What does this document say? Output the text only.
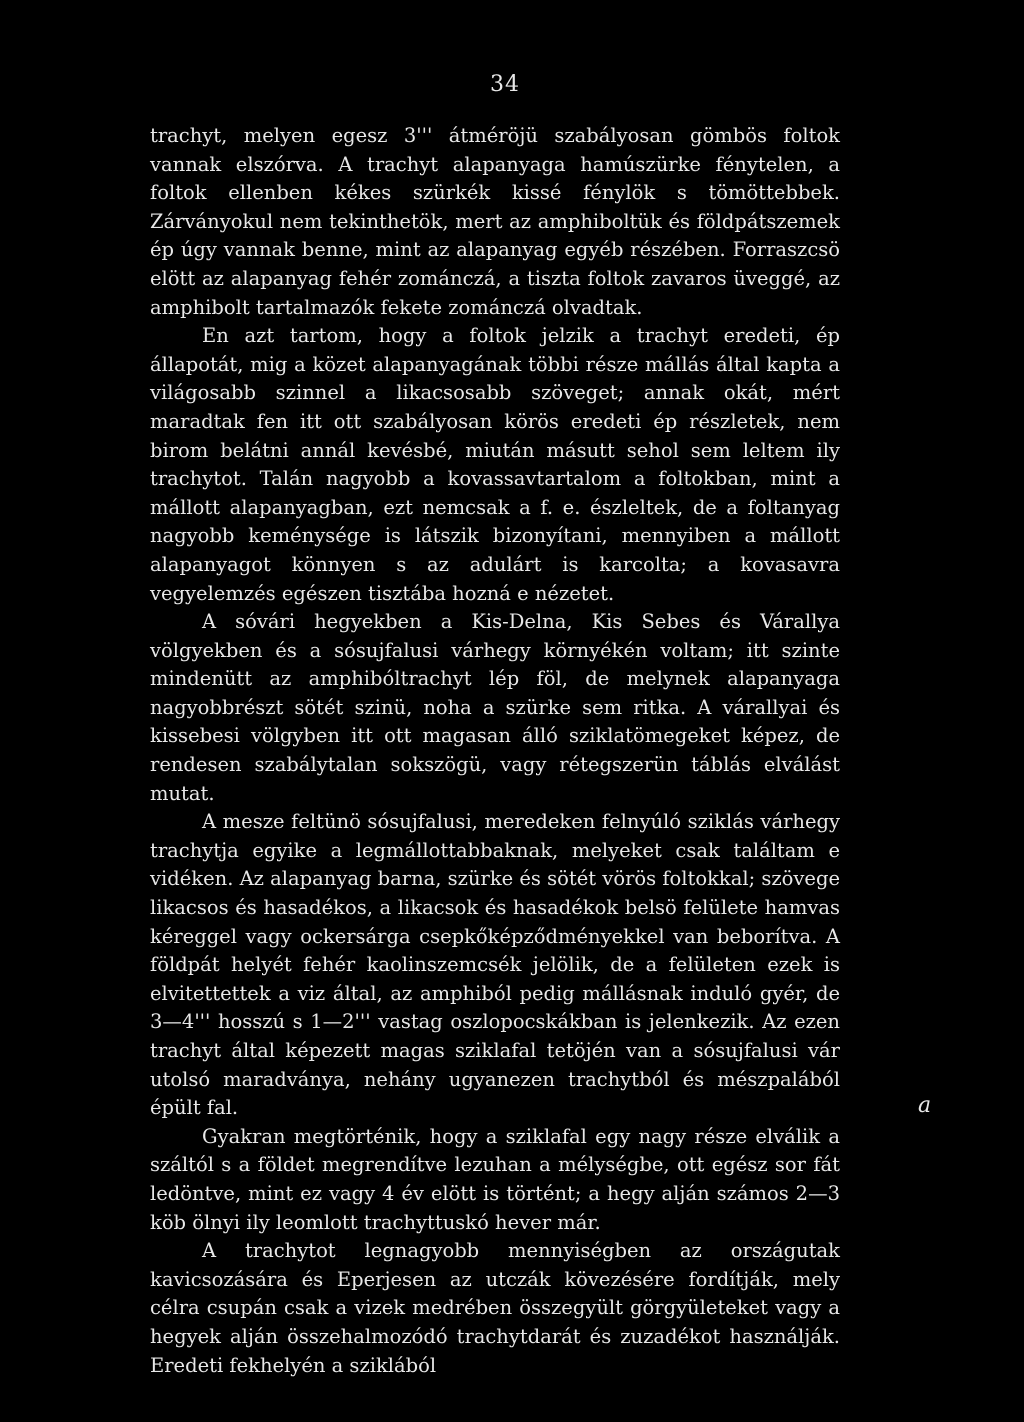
34

trachyt, melyen egesz 3''' átméröjü szabályosan gömbös foltok vannak elszórva. A trachyt alapanyaga hamúszürke fénytelen, a foltok ellenben kékes szürkék kissé fénylök s tömöttebbek. Zárványokul nem tekinthetök, mert az amphiboltük és földpátszemek ép úgy vannak benne, mint az alapanyag egyéb részében. Forraszcsö elött az alapanyag fehér zománczá, a tiszta foltok zavaros üveggé, az amphibolt tartalmazók fekete zománczá olvadtak.

En azt tartom, hogy a foltok jelzik a trachyt eredeti, ép állapotát, mig a közet alapanyagának többi része mállás által kapta a világosabb szinnel a likacsosabb szöveget; annak okát, mért maradtak fen itt ott szabályosan körös eredeti ép részletek, nem birom belátni annál kevésbé, miután másutt sehol sem leltem ily trachytot. Talán nagyobb a kovassavtartalom a foltokban, mint a mállott alapanyagban, ezt nemcsak a f. e. észleltek, de a foltanyag nagyobb keménysége is látszik bizonyítani, mennyiben a mállott alapanyagot könnyen s az adulárt is karcolta; a kovasavra vegyelemzés egészen tisztába hozná e nézetet.

A sóvári hegyekben a Kis-Delna, Kis Sebes és Várallya völgyekben és a sósujfalusi várhegy környékén voltam; itt szinte mindenütt az amphibóltrachyt lép föl, de melynek alapanyaga nagyobbrészt sötét szinü, noha a szürke sem ritka. A várallyai és kissebesi völgyben itt ott magasan álló sziklatömegeket képez, de rendesen szabálytalan sokszögü, vagy rétegszerün táblás elválást mutat.

A mesze feltünö sósujfalusi, meredeken felnyúló sziklás várhegy trachytja egyike a legmállottabbaknak, melyeket csak találtam e vidéken. Az alapanyag barna, szürke és sötét vörös foltokkal; szövege likacsos és hasadékos, a likacsok és hasadékok belsö felülete hamvas kéreggel vagy ockersárga csepkőképződményekkel van beborítva. A földpát helyét fehér kaolinszemcsék jelölik, de a felületen ezek is elvitettettek a viz által, az amphiból pedig mállásnak induló gyér, de 3—4''' hosszú s 1—2''' vastag oszlopocskákban is jelenkezik. Az ezen trachyt által képezett magas sziklafal tetöjén van a sósujfalusi vár utolsó maradványa, nehány ugyanezen trachytból és mészpalából épült fal.

Gyakran megtörténik, hogy a sziklafal egy nagy része elválik a száltól s a földet megrendítve lezuhan a mélységbe, ott egész sor fát ledöntve, mint ez vagy 4 év elött is történt; a hegy alján számos 2—3 köb ölnyi ily leomlott trachyttuskó hever már.

A trachytot legnagyobb mennyiségben az országutak kavicsozására és Eperjesen az utczák kövezésére fordítják, mely célra csupán csak a vizek medrében összegyült görgyületeket vagy a hegyek alján összehalmozódó trachytdarát és zuzadékot használják. Eredeti fekhelyén a sziklából

a
